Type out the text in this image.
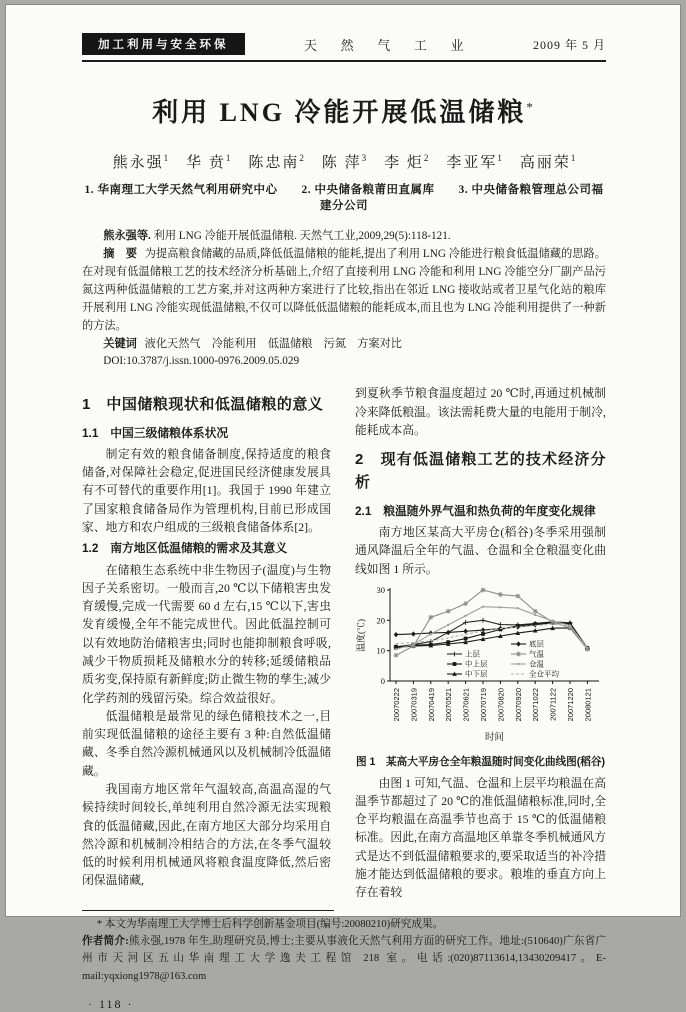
加工利用与安全环保	天 然 气 工 业	2009 年 5 月
利用 LNG 冷能开展低温储粮*
熊永强$^1$ 华 贲$^1$ 陈忠南$^2$ 陈 萍$^3$ 李 炬$^2$ 李亚军$^1$ 高丽荣$^1$
1. 华南理工大学天然气利用研究中心　　2. 中央储备粮莆田直属库　　3. 中央储备粮管理总公司福建分公司

熊永强等. 利用 LNG 冷能开展低温储粮. 天然气工业,2009,29(5):118-121.

摘　要 为提高粮食储藏的品质,降低低温储粮的能耗,提出了利用 LNG 冷能进行粮食低温储藏的思路。在对现有低温储粮工艺的技术经济分析基础上,介绍了直接利用 LNG 冷能和利用 LNG 冷能空分厂副产品污氮这两种低温储粮的工艺方案,并对这两种方案进行了比较,指出在邻近 LNG 接收站或者卫星气化站的粮库开展利用 LNG 冷能实现低温储粮,不仅可以降低低温储粮的能耗成本,而且也为 LNG 冷能利用提供了一种新的方法。

关键词 液化天然气　冷能利用　低温储粮　污氮　方案对比

DOI:10.3787/j.issn.1000-0976.2009.05.029

1　中国储粮现状和低温储粮的意义
1.1　中国三级储粮体系状况

制定有效的粮食储备制度,保持适度的粮食储备,对保障社会稳定,促进国民经济健康发展具有不可替代的重要作用[1]。我国于 1990 年建立了国家粮食储备局作为管理机构,目前已形成国家、地方和农户组成的三级粮食储备体系[2]。

1.2　南方地区低温储粮的需求及其意义

在储粮生态系统中非生物因子(温度)与生物因子关系密切。一般而言,20 ℃以下储粮害虫发育缓慢,完成一代需要 60 d 左右,15 ℃以下,害虫发育缓慢,全年不能完成世代。因此低温控制可以有效地防治储粮害虫;同时也能抑制粮食呼吸,减少干物质损耗及储粮水分的转移;延缓储粮品质劣变,保持原有新鲜度;防止微生物的孳生;减少化学药剂的残留污染。综合效益很好。

低温储粮是最常见的绿色储粮技术之一,目前实现低温储粮的途径主要有 3 种:自然低温储藏、冬季自然冷源机械通风以及机械制冷低温储藏。

我国南方地区常年气温较高,高温高湿的气候持续时间较长,单纯利用自然冷源无法实现粮食的低温储藏,因此,在南方地区大部分均采用自然冷源和机械制冷相结合的方法,在冬季气温较低的时候利用机械通风将粮食温度降低,然后密闭保温储藏,

到夏秋季节粮食温度超过 20 ℃时,再通过机械制冷来降低粮温。该法需耗费大量的电能用于制冷,能耗成本高。

2　现有低温储粮工艺的技术经济分析
2.1　粮温随外界气温和热负荷的年度变化规律

南方地区某高大平房仓(稻谷)冬季采用强制通风降温后全年的气温、仓温和全仓粮温变化曲线如图 1 所示。

0
10
20
30
温度(℃)
20070222 20070319 20070419 20070521 20070621 20070719 20070820 20070920 20071022 20071122 20071220 20080121
时间
上层
中上层
中下层
底层
气温
仓温
全仓平均
图 1　某高大平房仓全年粮温随时间变化曲线图(稻谷)

由图 1 可知,气温、仓温和上层平均粮温在高温季节都超过了 20 ℃的准低温储粮标准,同时,全仓平均粮温在高温季节也高于 15 ℃的低温储粮标准。因此,在南方高温地区单靠冬季机械通风方式是达不到低温储粮要求的,要采取适当的补冷措施才能达到低温储粮的要求。粮堆的垂直方向上存在着较

* 本文为华南理工大学博士后科学创新基金项目(编号:20080210)研究成果。

作者简介:熊永强,1978 年生,助理研究员,博士;主要从事液化天然气利用方面的研究工作。地址:(510640)广东省广州市天河区五山华南理工大学逸夫工程馆 218 室。电话:(020)87113614,13430209417。E-mail:yqxiong1978@163.com

· 118 ·
